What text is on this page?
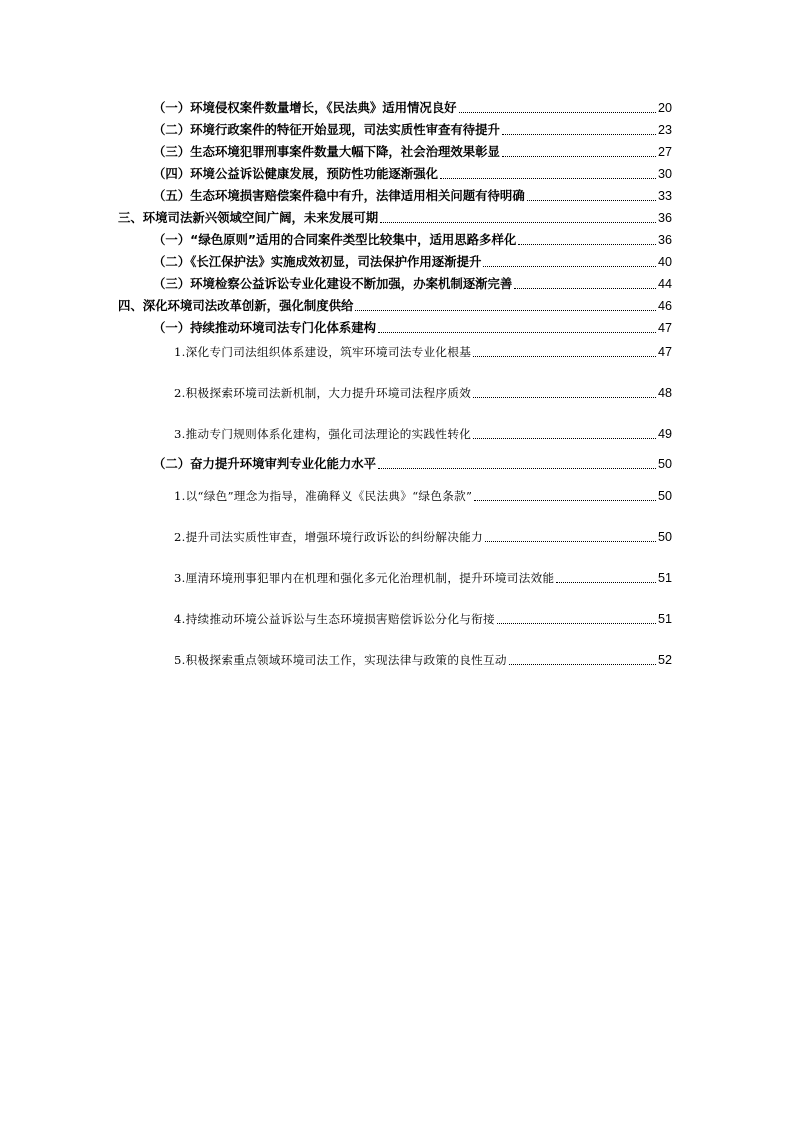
（一）环境侵权案件数量增长，《民法典》适用情况良好	20
（二）环境行政案件的特征开始显现，司法实质性审查有待提升	23
（三）生态环境犯罪刑事案件数量大幅下降，社会治理效果彰显	27
（四）环境公益诉讼健康发展，预防性功能逐渐强化	30
（五）生态环境损害赔偿案件稳中有升，法律适用相关问题有待明确	33
三、环境司法新兴领域空间广阔，未来发展可期	36
（一）“绿色原则”适用的合同案件类型比较集中，适用思路多样化	36
（二）《长江保护法》实施成效初显，司法保护作用逐渐提升	40
（三）环境检察公益诉讼专业化建设不断加强，办案机制逐渐完善	44
四、深化环境司法改革创新，强化制度供给	46
（一）持续推动环境司法专门化体系建构	47
1.深化专门司法组织体系建设，筑牢环境司法专业化根基	47
2.积极探索环境司法新机制，大力提升环境司法程序质效	48
3.推动专门规则体系化建构，强化司法理论的实践性转化	49
（二）奋力提升环境审判专业化能力水平	50
1.以“绿色”理念为指导，准确释义《民法典》“绿色条款”	50
2.提升司法实质性审查，增强环境行政诉讼的纠纷解决能力	50
3.厘清环境刑事犯罪内在机理和强化多元化治理机制，提升环境司法效能	51
4.持续推动环境公益诉讼与生态环境损害赔偿诉讼分化与衔接	51
5.积极探索重点领域环境司法工作，实现法律与政策的良性互动	52
